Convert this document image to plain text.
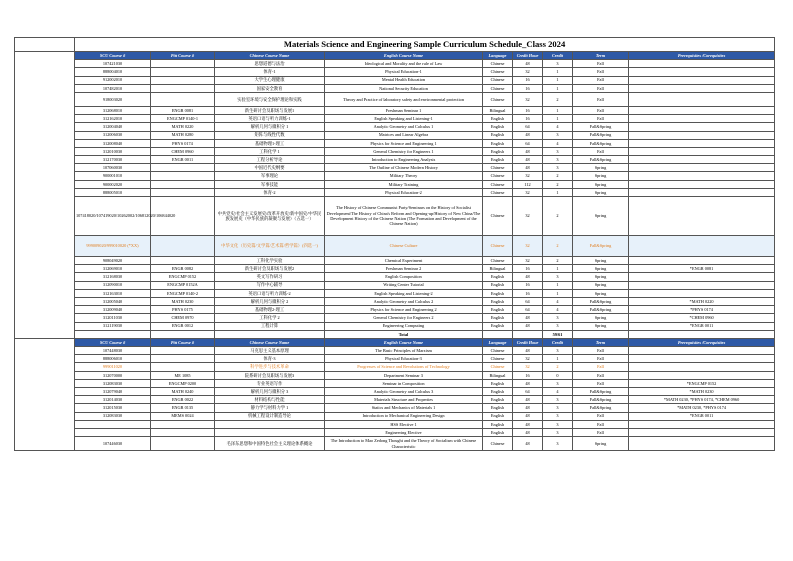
	Materials Science and Engineering Sample Curriculum Schedule_Class 2024								
Freshman	SCU Course #	Pitt Course #	Chinese Course Name	English Course Name	Language	Credit Hour	Credit	Term	Prerequisites /Corequisites
	107421030		思想道德与法治	Ideological and Morality and the rule of Law	Chinese	48	3	Fall	
	888004010		体育-1	Physical Education-1	Chinese	32	1	Fall	
	912002010		大学生心理健康	Mental Health Education	Chinese	16	1	Fall	
	107482010		国家安全教育	National Security Education	Chinese	16	1	Fall	
	918003020		实验室环境与安全保护理论和实践	Theory and Practice of laboratory safety and environmental protection	Chinese	32	2	Fall	
	312068010	ENGR 0081	新生研讨会及职场与发展1	Freshman Seminar 1	Bilingual	16	1	Fall	
	312162010	ENGCMP 0140-1	英语口语与听力训练-1	English Speaking and Listening-1	English	16	1	Fall	
	312004040	MATH 0220	解析几何与微积分 1	Analytic Geometry and Calculus 1	English	64	4	Fall&Spring	
	312006030	MATH 0280	矩阵与线性代数	Matrices and Linear Algebra	English	48	3	Fall&Spring	
	312008040	PHYS 0174	基础物理1-理工	Physics for Science and Engineering 1	English	64	4	Fall&Spring	
	312010030	CHEM 0960	工科化学 1	General Chemistry for Engineers 1	English	48	3	Fall	
	312170030	ENGR 0011	工程分析导论	Introduction to Engineering Analysis	English	48	3	Fall&Spring	
	107060030		中国近代史纲要	The Outline of Chinese Modern History	Chinese	48	3	Spring	
	900001010		军事理论	Military Theory	Chinese	32	2	Spring	
	900002020		军事技能	Military Training	Chinese	112	2	Spring	
	888005010		体育-2	Physical Education-2	Chinese	32	1	Spring	
	107418020/107419020/10262002/106812020/106844020		中共党史/社会主义发展史/改革开放史/新中国史/中华民族发展史（中华民族的凝聚与发展）（五选一）	The History of Chinese Communist Party/Seminars on the History of Socialist Development/The History of China's Reform and Opening-up/History of New China/The Development History of the Chinese Nation (The Formation and Development of the Chinese Nation)	Chinese	32	2	Spring	
	999009020/999010020 (*XX)		中华文化（历史篇/文学篇/艺术篇/哲学篇）(四选一)	Chinese Culture	Chinese	32	2	Fall&Spring	
	908049020		工科化学实验	Chemical Experiment	Chinese	32	2	Spring	
	312069010	ENGR 0082	新生研讨会及职场与发展2	Freshman Seminar 2	Bilingual	16	1	Spring	*ENGR 0081
	312168030	ENGCMP 0152	英文写作研习	English Composition	English	48	3	Spring	
	312090010	ENGCMP 0152A	写作中心辅导	Writing Center Tutorial	English	16	1	Spring	
	312163010	ENGCMP 0140-2	英语口语与听力训练-2	English Speaking and Listening-2	English	16	1	Spring	
	312005040	MATH 0230	解析几何与微积分 2	Analytic Geometry and Calculus 2	English	64	4	Fall&Spring	*MATH 0220
	312009040	PHYS 0175	基础物理2-理工	Physics for Science and Engineering 2	English	64	4	Fall&Spring	*PHYS 0174
	312011030	CHEM 0970	工科化学 2	General Chemistry for Engineers 2	English	48	3	Spring	*CHEM 0960
	312119030	ENGR 0012	工程计算	Engineering Computing	English	48	3	Spring	*ENGR 0011
				Total			59/61		
Sophomore	SCU Course #	Pitt Course #	Chinese Course Name	English Course Name	Language	Credit Hour	Credit	Term	Prerequisites /Corequisites
	107448030		马克思主义基本原理	The Basic Principles of Marxism	Chinese	48	3	Fall	
	888006010		体育-3	Physical Education-3	Chinese	32	1	Fall	
	999011020		科学进步与技术革命	Progresses of Science and Revolutions of Technology	Chinese	32	2	Fall	
	312070000	ME 1085	院系研讨会及职场与发展3	Department Seminar 3	Bilingual	16	0	Fall	
	312083030	ENGCMP 0200	专业英语写作	Seminar in Composition	English	48	3	Fall	*ENGCMP 0152
	312079040	MATH 0240	解析几何与微积分 3	Analytic Geometry and Calculus 3	English	64	4	Fall&Spring	*MATH 0230
	312014030	ENGR 0022	材料结构与性能	Materials Structure and Properties	English	48	3	Fall&Spring	*MATH 0230, *PHYS 0174, *CHEM 0960
	312015030	ENGR 0135	静力学与材料力学 1	Statics and Mechanics of Materials 1	English	48	3	Fall&Spring	*MATH 0230, *PHYS 0174
	312083030	MEMS 0024	机械工程设计制造导论	Introduction to Mechanical Engineering Design	English	48	3	Fall	*ENGR 0011
				HSS Elective 1	English	48	3	Fall	
				Engineering Elective	English	48	3	Fall	
	107446030		毛泽东思想和中国特色社会主义理论体系概论	The Introduction to Mao Zedong Thought and the Theory of Socialism with Chinese Characteristic	Chinese	48	3	Spring	
